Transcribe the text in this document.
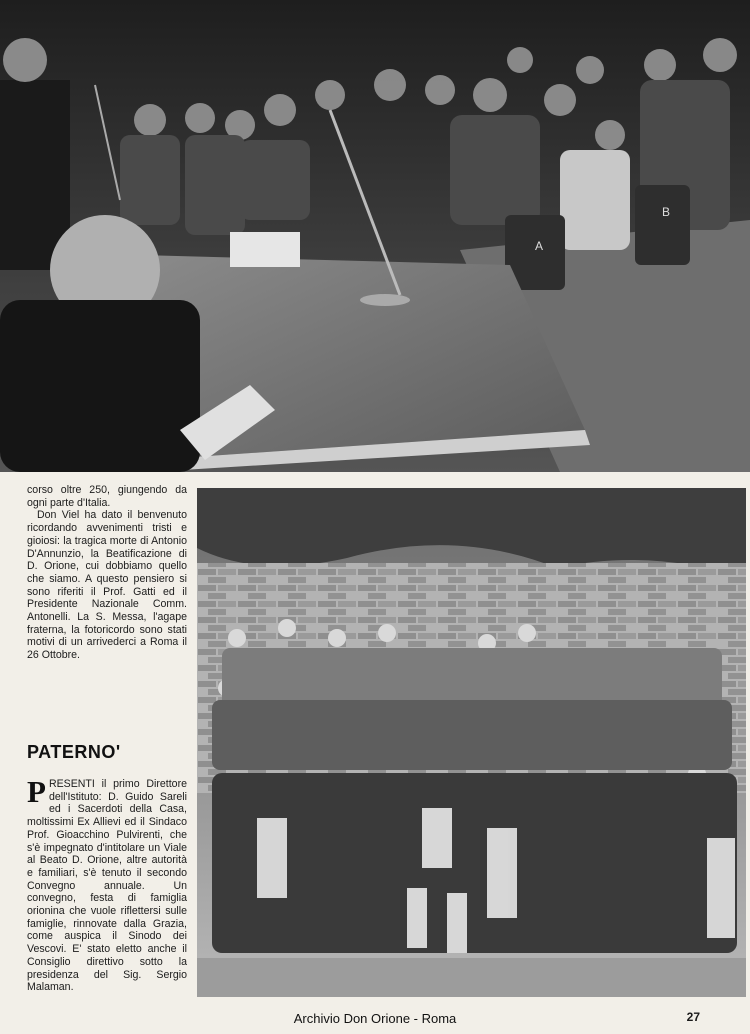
A
B

corso oltre 250, giungendo da ogni parte d'Italia.

Don Viel ha dato il benvenuto ricordando avvenimenti tristi e gioiosi: la tragica morte di Antonio D'Annunzio, la Beatificazione di D. Orione, cui dobbiamo quello che siamo. A questo pensiero si sono riferiti il Prof. Gatti ed il Presidente Nazionale Comm. Antonelli. La S. Messa, l'agape fraterna, la fotoricordo sono stati motivi di un arrivederci a Roma il 26 Ottobre.

PATERNO'

PRESENTI il primo Direttore dell'Istituto: D. Guido Sareli ed i Sacerdoti della Casa, moltissimi Ex Allievi ed il Sindaco Prof. Gioacchino Pulvirenti, che s'è impegnato d'intitolare un Viale al Beato D. Orione, altre autorità e familiari, s'è tenuto il secondo Convegno annuale. Un convegno, festa di famiglia orionina che vuole riflettersi sulle famiglie, rinnovate dalla Grazia, come auspica il Sinodo dei Vescovi. E' stato eletto anche il Consiglio direttivo sotto la presidenza del Sig. Sergio Malaman.

Archivio Don Orione - Roma	27
